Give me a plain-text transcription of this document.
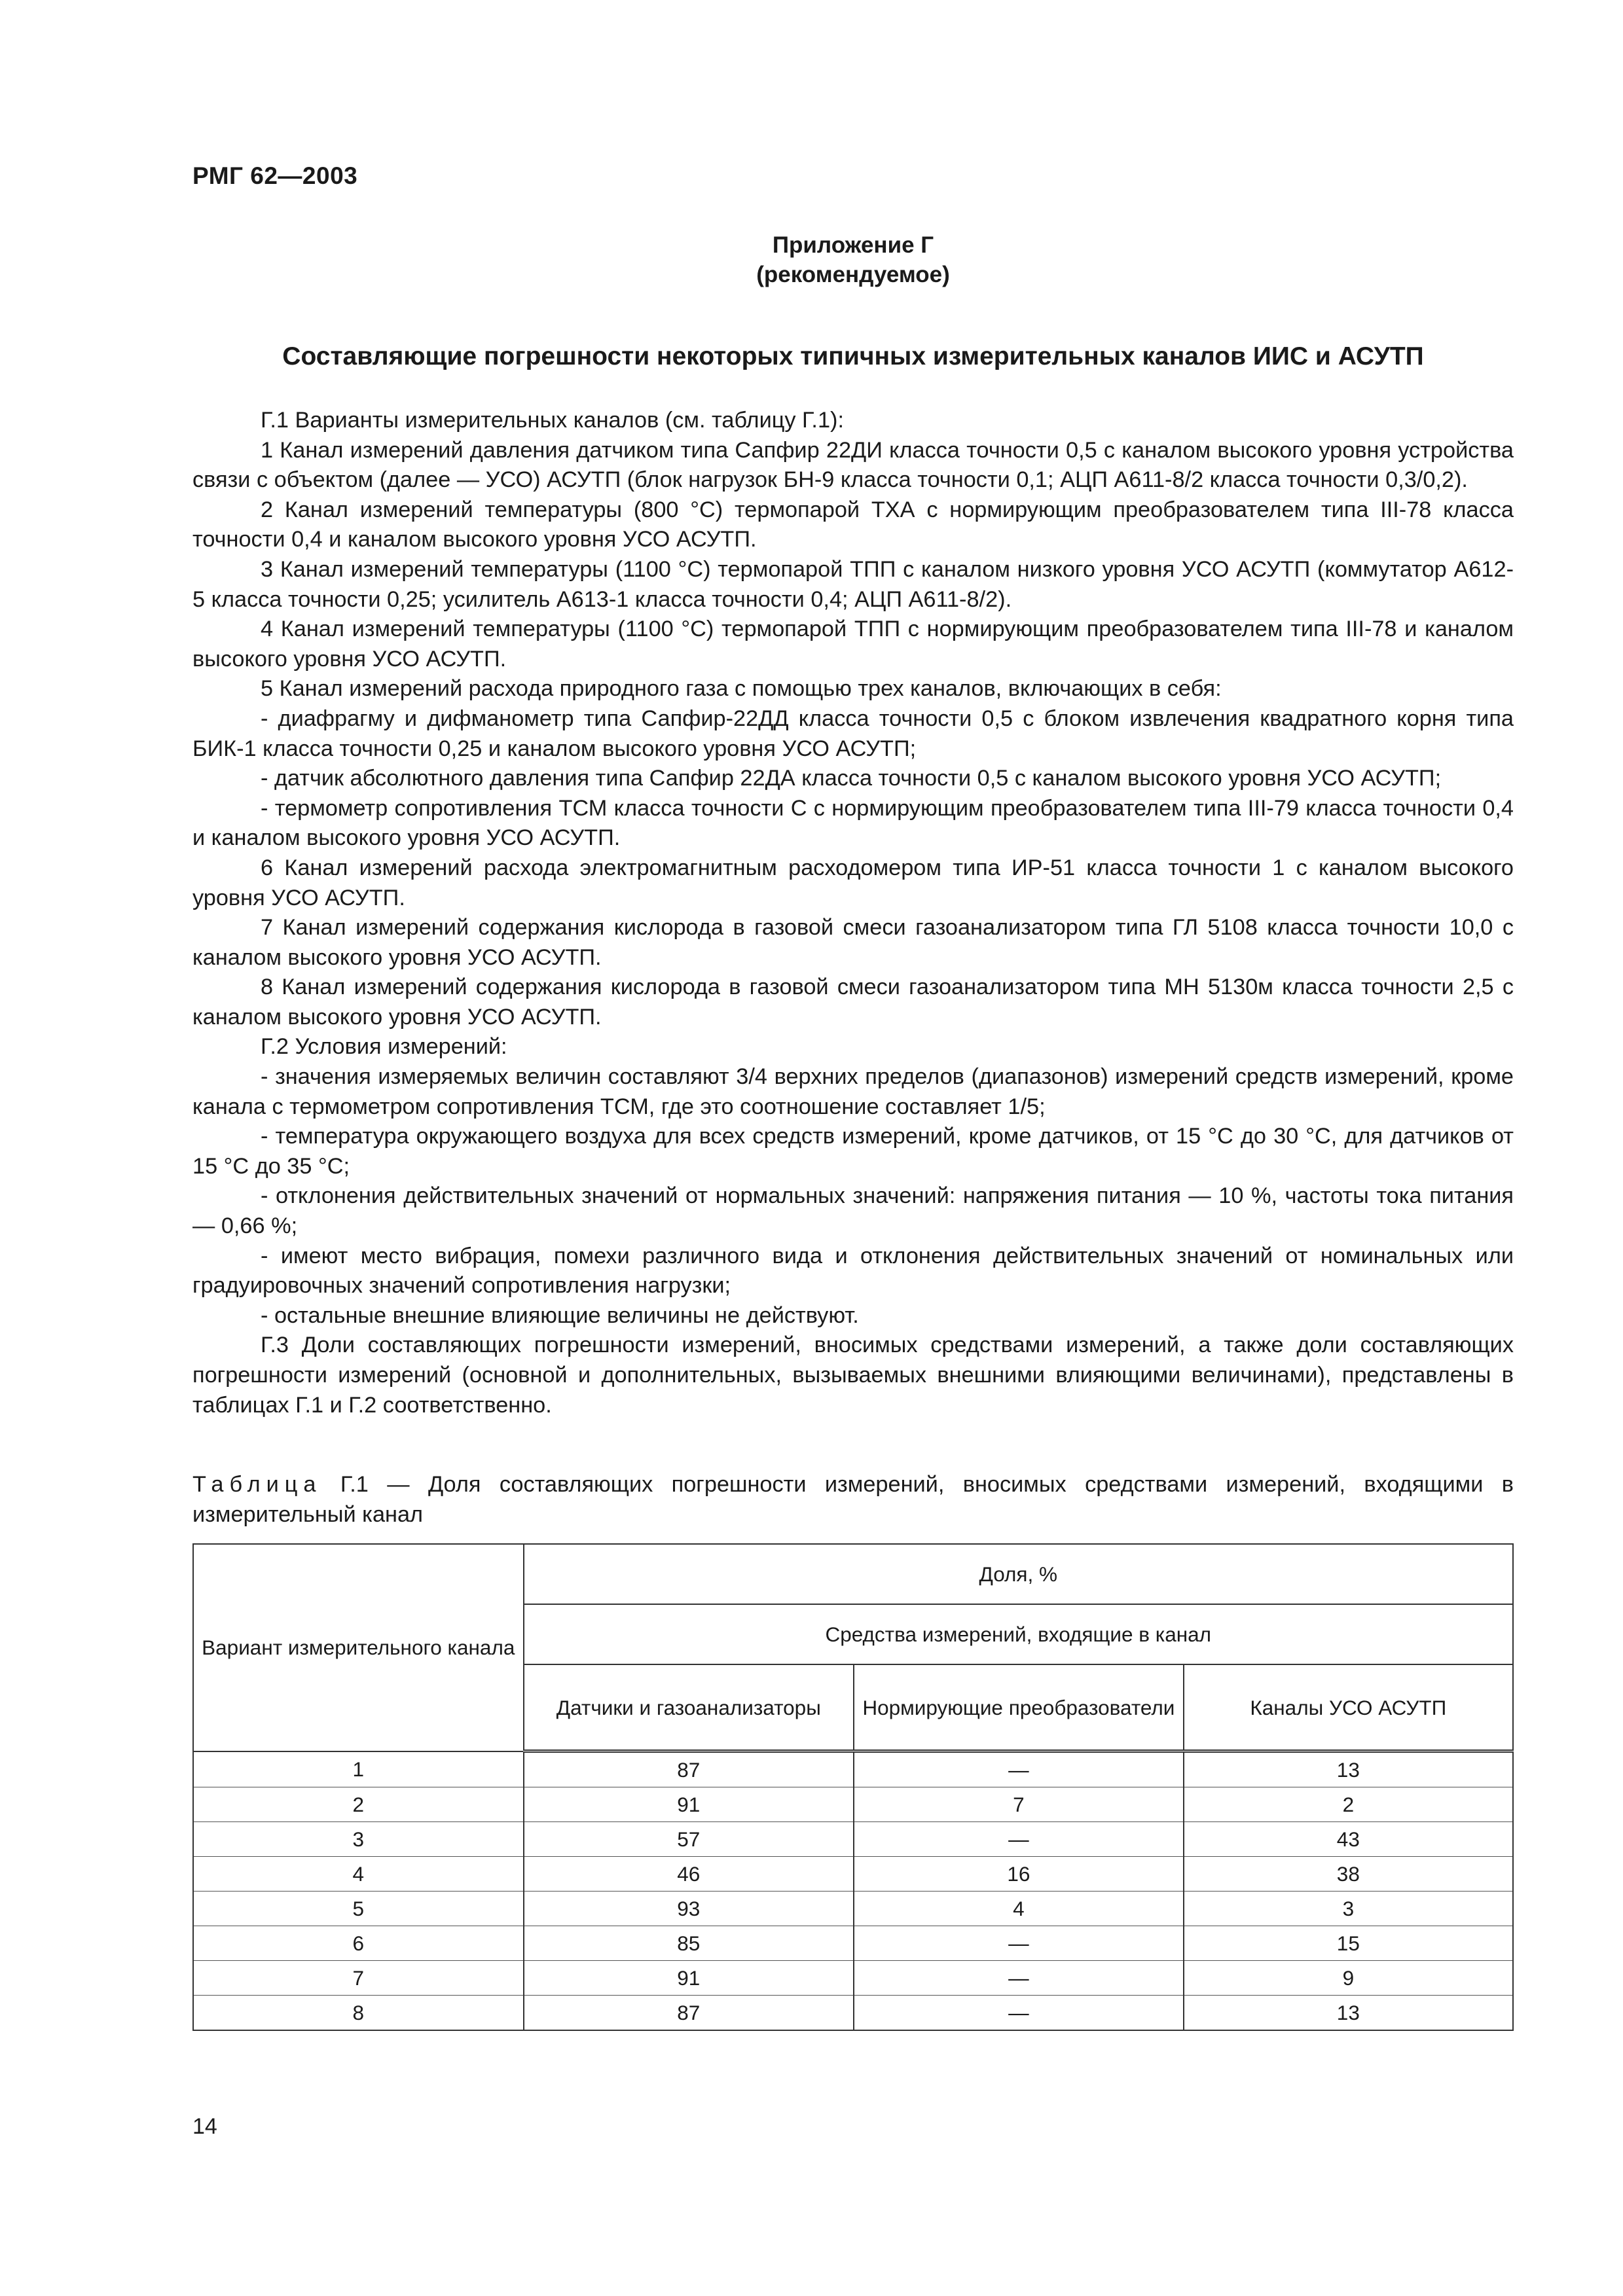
РМГ 62—2003
Приложение Г
(рекомендуемое)
Составляющие погрешности некоторых типичных измерительных каналов ИИС и АСУТП

Г.1 Варианты измерительных каналов (см. таблицу Г.1):

1 Канал измерений давления датчиком типа Сапфир 22ДИ класса точности 0,5 с каналом высокого уровня устройства связи с объектом (далее — УСО) АСУТП (блок нагрузок БН-9 класса точности 0,1; АЦП А611-8/2 класса точности 0,3/0,2).

2 Канал измерений температуры (800 °С) термопарой ТХА с нормирующим преобразователем типа III-78 класса точности 0,4 и каналом высокого уровня УСО АСУТП.

3 Канал измерений температуры (1100 °С) термопарой ТПП с каналом низкого уровня УСО АСУТП (коммутатор А612-5 класса точности 0,25; усилитель А613-1 класса точности 0,4; АЦП А611-8/2).

4 Канал измерений температуры (1100 °С) термопарой ТПП с нормирующим преобразователем типа III-78 и каналом высокого уровня УСО АСУТП.

5 Канал измерений расхода природного газа с помощью трех каналов, включающих в себя:

- диафрагму и дифманометр типа Сапфир-22ДД класса точности 0,5 с блоком извлечения квадратного корня типа БИК-1 класса точности 0,25 и каналом высокого уровня УСО АСУТП;

- датчик абсолютного давления типа Сапфир 22ДА класса точности 0,5 с каналом высокого уровня УСО АСУТП;

- термометр сопротивления ТСМ класса точности С с нормирующим преобразователем типа III-79 класса точности 0,4 и каналом высокого уровня УСО АСУТП.

6 Канал измерений расхода электромагнитным расходомером типа ИР-51 класса точности 1 с каналом высокого уровня УСО АСУТП.

7 Канал измерений содержания кислорода в газовой смеси газоанализатором типа ГЛ 5108 класса точности 10,0 с каналом высокого уровня УСО АСУТП.

8 Канал измерений содержания кислорода в газовой смеси газоанализатором типа МН 5130м класса точности 2,5 с каналом высокого уровня УСО АСУТП.

Г.2 Условия измерений:

- значения измеряемых величин составляют 3/4 верхних пределов (диапазонов) измерений средств измерений, кроме канала с термометром сопротивления ТСМ, где это соотношение составляет 1/5;

- температура окружающего воздуха для всех средств измерений, кроме датчиков, от 15 °С до 30 °С, для датчиков от 15 °С до 35 °С;

- отклонения действительных значений от нормальных значений: напряжения питания — 10 %, частоты тока питания — 0,66 %;

- имеют место вибрация, помехи различного вида и отклонения действительных значений от номинальных или градуировочных значений сопротивления нагрузки;

- остальные внешние влияющие величины не действуют.

Г.3 Доли составляющих погрешности измерений, вносимых средствами измерений, а также доли составляющих погрешности измерений (основной и дополнительных, вызываемых внешними влияющими величинами), представлены в таблицах Г.1 и Г.2 соответственно.

Таблица Г.1 — Доля составляющих погрешности измерений, вносимых средствами измерений, входящими в измерительный канал
Вариант измерительного канала	Доля, %		
	Средства измерений, входящие в канал		
	Датчики и газоанализаторы	Нормирующие преобразователи	Каналы УСО АСУТП
1	87	—	13
2	91	7	2
3	57	—	43
4	46	16	38
5	93	4	3
6	85	—	15
7	91	—	9
8	87	—	13
14
